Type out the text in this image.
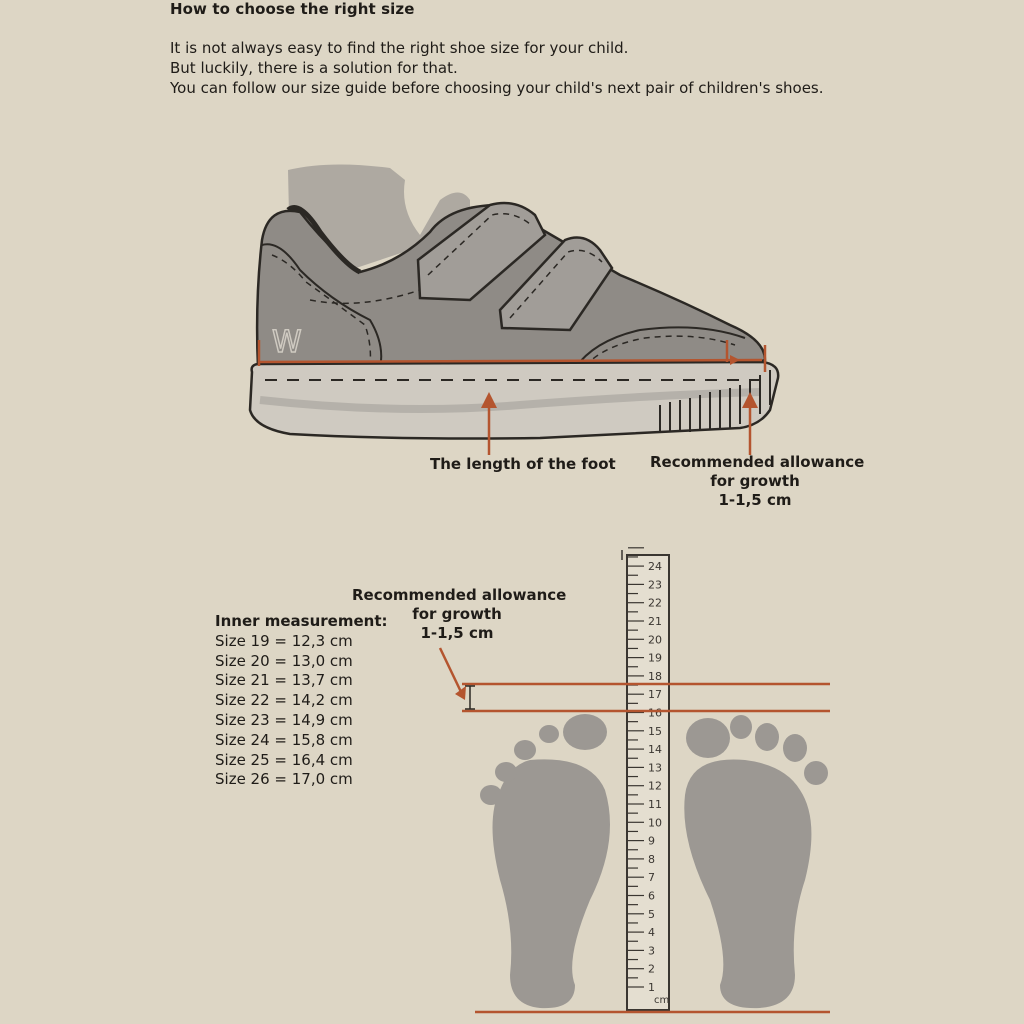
How to choose the right size
It is not always easy to find the right shoe size for your child.
But luckily, there is a solution for that.
You can follow our size guide before choosing your child's next pair of children's shoes.
W
The length of the foot Recommended allowance
for growth
1-1,5 cm
1
2
3
4
5
6
7
8
9
10
11
12
13
14
15
16
17
18
19
20
21
22
23
24
cm
Recommended allowance
for growth
1-1,5 cm
Inner measurement:
Size 19 = 12,3 cm
Size 20 = 13,0 cm
Size 21 = 13,7 cm
Size 22 = 14,2 cm
Size 23 = 14,9 cm
Size 24 = 15,8 cm
Size 25 = 16,4 cm
Size 26 = 17,0 cm
